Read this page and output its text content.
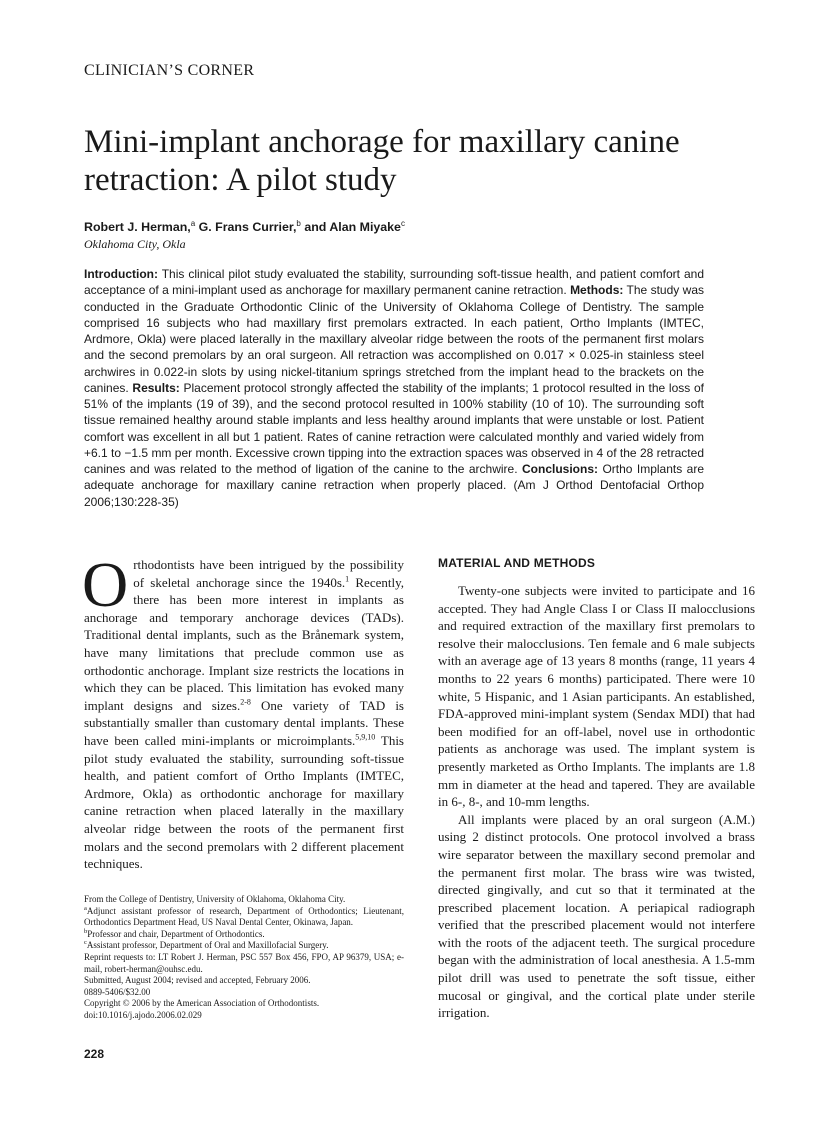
CLINICIAN’S CORNER
Mini-implant anchorage for maxillary canine retraction: A pilot study
Robert J. Herman,$^a$ G. Frans Currier,$^b$ and Alan Miyake$^c$
Oklahoma City, Okla

Introduction: This clinical pilot study evaluated the stability, surrounding soft-tissue health, and patient comfort and acceptance of a mini-implant used as anchorage for maxillary permanent canine retraction. Methods: The study was conducted in the Graduate Orthodontic Clinic of the University of Oklahoma College of Dentistry. The sample comprised 16 subjects who had maxillary first premolars extracted. In each patient, Ortho Implants (IMTEC, Ardmore, Okla) were placed laterally in the maxillary alveolar ridge between the roots of the permanent first molars and the second premolars by an oral surgeon. All retraction was accomplished on 0.017 × 0.025-in stainless steel archwires in 0.022-in slots by using nickel-titanium springs stretched from the implant head to the brackets on the canines. Results: Placement protocol strongly affected the stability of the implants; 1 protocol resulted in the loss of 51% of the implants (19 of 39), and the second protocol resulted in 100% stability (10 of 10). The surrounding soft tissue remained healthy around stable implants and less healthy around implants that were unstable or lost. Patient comfort was excellent in all but 1 patient. Rates of canine retraction were calculated monthly and varied widely from +6.1 to −1.5 mm per month. Excessive crown tipping into the extraction spaces was observed in 4 of the 28 retracted canines and was related to the method of ligation of the canine to the archwire. Conclusions: Ortho Implants are adequate anchorage for maxillary canine retraction when properly placed. (Am J Orthod Dentofacial Orthop 2006;130:228-35)

Orthodontists have been intrigued by the possibility of skeletal anchorage since the 1940s.$^1$ Recently, there has been more interest in implants as anchorage and temporary anchorage devices (TADs). Traditional dental implants, such as the Brånemark system, have many limitations that preclude common use as orthodontic anchorage. Implant size restricts the locations in which they can be placed. This limitation has evoked many implant designs and sizes.$^{2-8}$ One variety of TAD is substantially smaller than customary dental implants. These have been called mini-implants or microimplants.$^{5,9,10}$ This pilot study evaluated the stability, surrounding soft-tissue health, and patient comfort of Ortho Implants (IMTEC, Ardmore, Okla) as orthodontic anchorage for maxillary canine retraction when placed laterally in the maxillary alveolar ridge between the roots of the permanent first molars and the second premolars with 2 different placement techniques.

From the College of Dentistry, University of Oklahoma, Oklahoma City.
$^a$Adjunct assistant professor of research, Department of Orthodontics; Lieutenant, Orthodontics Department Head, US Naval Dental Center, Okinawa, Japan.
$^b$Professor and chair, Department of Orthodontics.
$^c$Assistant professor, Department of Oral and Maxillofacial Surgery.
Reprint requests to: LT Robert J. Herman, PSC 557 Box 456, FPO, AP 96379, USA; e-mail, robert-herman@ouhsc.edu.
Submitted, August 2004; revised and accepted, February 2006.
0889-5406/$32.00
Copyright © 2006 by the American Association of Orthodontists.
doi:10.1016/j.ajodo.2006.02.029
228
MATERIAL AND METHODS

Twenty-one subjects were invited to participate and 16 accepted. They had Angle Class I or Class II malocclusions and required extraction of the maxillary first premolars to resolve their malocclusions. Ten female and 6 male subjects with an average age of 13 years 8 months (range, 11 years 4 months to 22 years 6 months) participated. There were 10 white, 5 Hispanic, and 1 Asian participants. An established, FDA-approved mini-implant system (Sendax MDI) that had been modified for an off-label, novel use in orthodontic patients as anchorage was used. The implant system is presently marketed as Ortho Implants. The implants are 1.8 mm in diameter at the head and tapered. They are available in 6-, 8-, and 10-mm lengths.

All implants were placed by an oral surgeon (A.M.) using 2 distinct protocols. One protocol involved a brass wire separator between the maxillary second premolar and the permanent first molar. The brass wire was twisted, directed gingivally, and cut so that it terminated at the prescribed placement location. A periapical radiograph verified that the prescribed placement would not interfere with the roots of the adjacent teeth. The surgical procedure began with the administration of local anesthesia. A 1.5-mm pilot drill was used to penetrate the soft tissue, either mucosal or gingival, and the cortical plate under sterile irrigation.
